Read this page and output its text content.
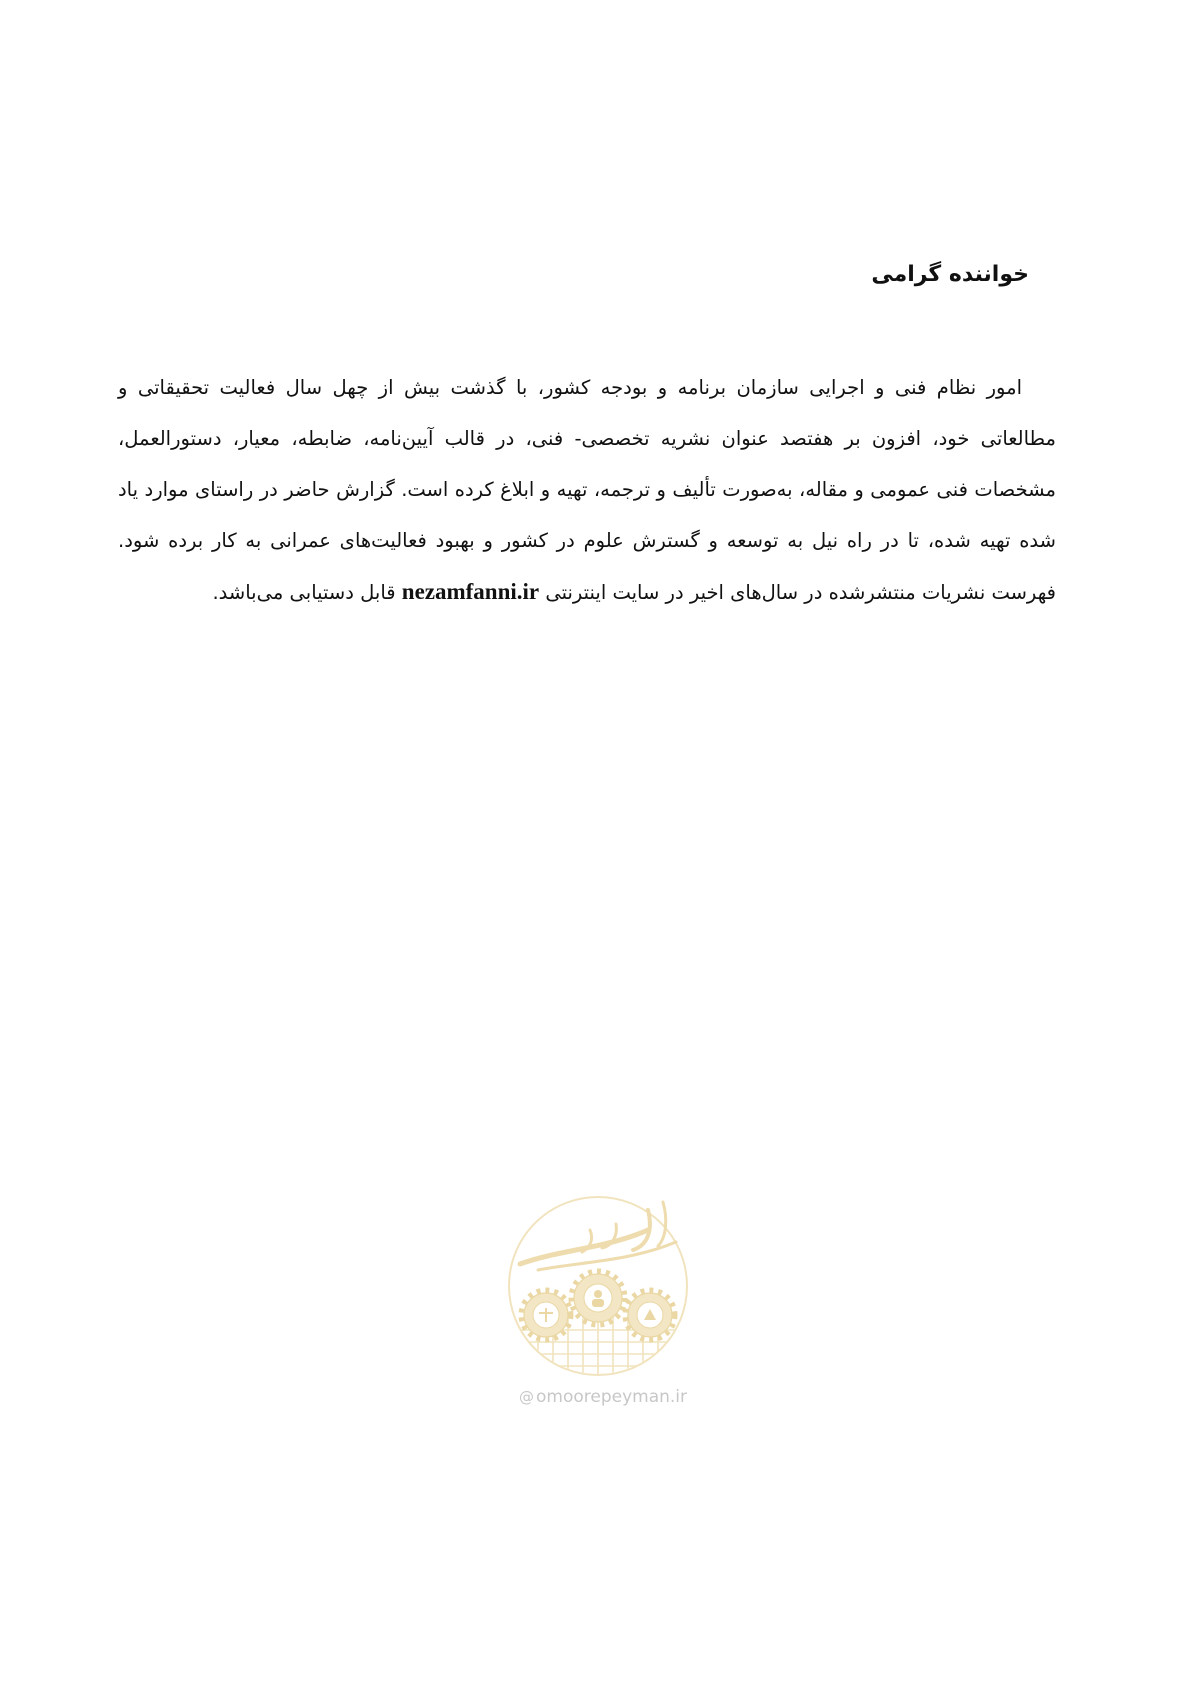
خواننده گرامی

امور نظام فنی و اجرایی سازمان برنامه و بودجه کشور، با گذشت بیش از چهل سال فعالیت تحقیقاتی و مطالعاتی خود، افزون بر هفتصد عنوان نشریه تخصصی- فنی، در قالب آیین‌نامه، ضابطه، معیار، دستورالعمل، مشخصات فنی عمومی و مقاله، به‌صورت تألیف و ترجمه، تهیه و ابلاغ کرده است. گزارش حاضر در راستای موارد یاد شده تهیه شده، تا در راه نیل به توسعه و گسترش علوم در کشور و بهبود فعالیت‌های عمرانی به کار برده شود. فهرست نشریات منتشرشده در سال‌های اخیر در سایت اینترنتی nezamfanni.ir قابل دستیابی می‌باشد.

@ omoorepeyman.ir
